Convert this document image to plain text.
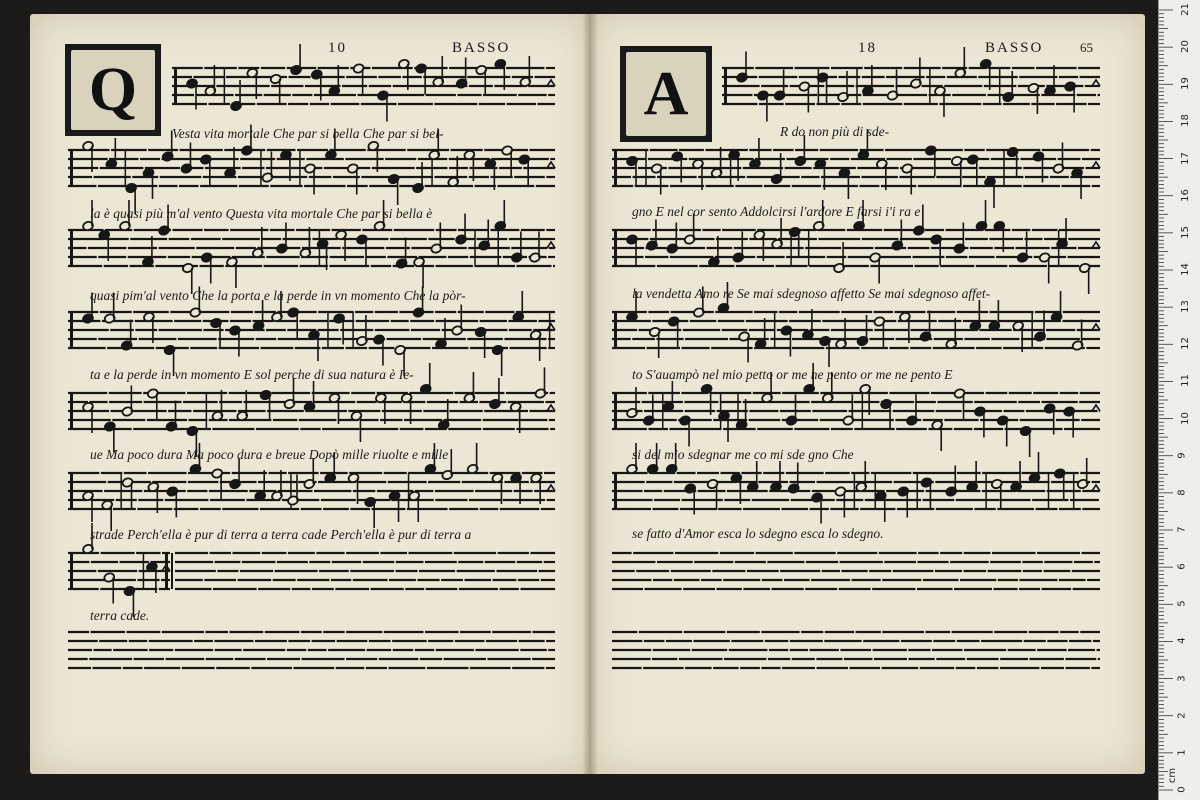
10	BASSO
Q
18	BASSO	65
A
Vesta vita mortale Che par si bella Che par si bel-
la è quasi più m'al vento Questa vita mortale Che par si bella è
quasi pim'al vento Che la porta e la perde in vn momento Che la pòr-
ta e la perde in vn momento E sol perche di sua natura è Ie-
ue Ma poco dura Ma poco dura e breue Dopò mille riuolte e mille
strade Perch'ella è pur di terra a terra cade Perch'ella è pur di terra a
terra cade.
R do non più di sde-
gno E nel cor sento Addolcirsi l'ardore E farsi i'i ra e
la vendetta Amo re Se mai sdegnoso affetto Se mai sdegnoso affet-
to S'auampò nel mio petto or me ne pento or me ne pento E
si del mio sdegnar me co mi sde gno Che
se fatto d'Amor esca lo sdegno esca lo sdegno.
21
20
19
18
17
16
15
14
13
12
11
10
9
8
7
6
5
4
3
2
1
0
cm
